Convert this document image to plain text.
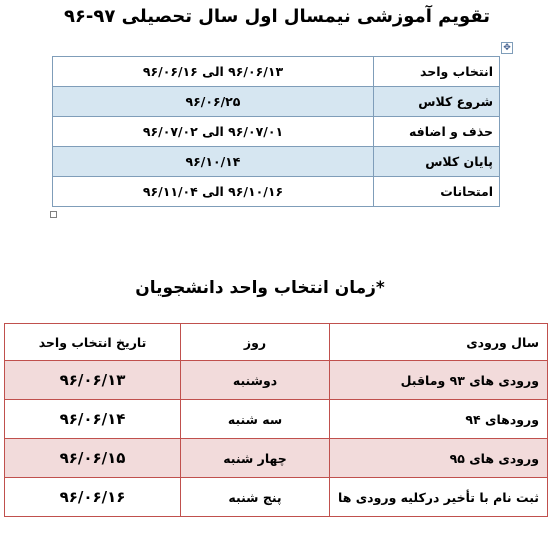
تقویم آموزشی نیمسال اول سال تحصیلی ۹۷-۹۶
✥
انتخاب واحد	۹۶/۰۶/۱۳ الی ۹۶/۰۶/۱۶
شروع کلاس	۹۶/۰۶/۲۵
حذف و اضافه	۹۶/۰۷/۰۱ الی ۹۶/۰۷/۰۲
پایان کلاس	۹۶/۱۰/۱۴
امتحانات	۹۶/۱۰/۱۶ الی ۹۶/۱۱/۰۴
*زمان انتخاب واحد دانشجویان
سال ورودی	روز	تاریخ انتخاب واحد
ورودی های ۹۳ وماقبل	دوشنبه	۹۶/۰۶/۱۳
ورودهای ۹۴	سه شنبه	۹۶/۰۶/۱۴
ورودی های ۹۵	چهار شنبه	۹۶/۰۶/۱۵
ثبت نام با تأخیر درکلیه ورودی ها	پنج شنبه	۹۶/۰۶/۱۶
